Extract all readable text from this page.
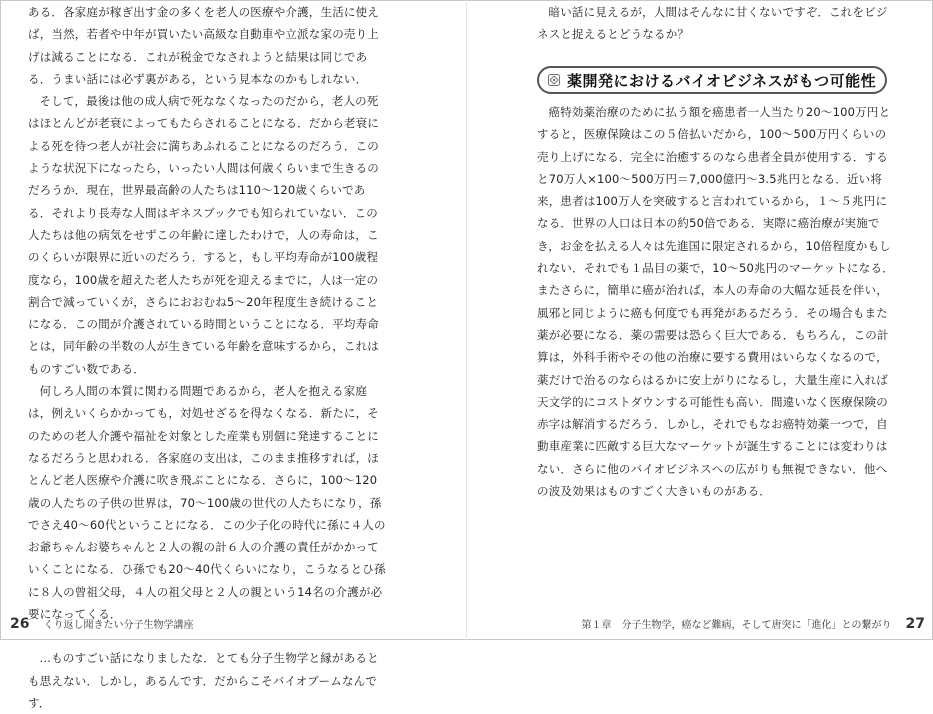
ある．各家庭が稼ぎ出す金の多くを老人の医療や介護，生活に使えば，当然，若者や中年が買いたい高級な自動車や立派な家の売り上げは減ることになる．これが税金でなされようと結果は同じである．うまい話には必ず裏がある，という見本なのかもしれない．

そして，最後は他の成人病で死ななくなったのだから，老人の死はほとんどが老衰によってもたらされることになる．だから老衰による死を待つ老人が社会に満ちあふれることになるのだろう．このような状況下になったら，いったい人間は何歳くらいまで生きるのだろうか．現在，世界最高齢の人たちは110〜120歳くらいである．それより長寿な人間はギネスブックでも知られていない．この人たちは他の病気をせずこの年齢に達したわけで，人の寿命は，このくらいが限界に近いのだろう．すると，もし平均寿命が100歳程度なら，100歳を超えた老人たちが死を迎えるまでに，人は一定の割合で減っていくが，さらにおおむね5〜20年程度生き続けることになる．この間が介護されている時間ということになる．平均寿命とは，同年齢の半数の人が生きている年齢を意味するから，これはものすごい数である．

何しろ人間の本質に関わる問題であるから，老人を抱える家庭は，例えいくらかかっても，対処せざるを得なくなる．新たに，そのための老人介護や福祉を対象とした産業も別個に発達することになるだろうと思われる．各家庭の支出は，このまま推移すれば，ほとんど老人医療や介護に吹き飛ぶことになる．さらに，100〜120歳の人たちの子供の世界は，70〜100歳の世代の人たちになり，孫でさえ40〜60代ということになる．この少子化の時代に孫に４人のお爺ちゃんお婆ちゃんと２人の親の計６人の介護の責任がかかっていくことになる．ひ孫でも20〜40代くらいになり，こうなるとひ孫に８人の曾祖父母，４人の祖父母と２人の親という14名の介護が必要になってくる．

…ものすごい話になりましたな．とても分子生物学と縁があるとも思えない．しかし，あるんです．だからこそバイオブームなんです．

26 くり返し聞きたい分子生物学講座

暗い話に見えるが，人間はそんなに甘くないですぞ．これをビジネスと捉えるとどうなるか？

薬開発におけるバイオビジネスがもつ可能性

癌特効薬治療のために払う額を癌患者一人当たり20〜100万円とすると，医療保険はこの５倍払いだから，100〜500万円くらいの売り上げになる．完全に治癒するのなら患者全員が使用する．すると70万人×100〜500万円＝7,000億円〜3.5兆円となる．近い将来，患者は100万人を突破すると言われているから，１〜５兆円になる．世界の人口は日本の約50倍である．実際に癌治療が実施でき，お金を払える人々は先進国に限定されるから，10倍程度かもしれない．それでも１品目の薬で，10〜50兆円のマーケットになる．またさらに，簡単に癌が治れば，本人の寿命の大幅な延長を伴い，風邪と同じように癌も何度でも再発があるだろう．その場合もまた薬が必要になる．薬の需要は恐らく巨大である．もちろん，この計算は，外科手術やその他の治療に要する費用はいらなくなるので，薬だけで治るのならはるかに安上がりになるし，大量生産に入れば天文学的にコストダウンする可能性も高い．間違いなく医療保険の赤字は解消するだろう．しかし，それでもなお癌特効薬一つで，自動車産業に匹敵する巨大なマーケットが誕生することには変わりはない．さらに他のバイオビジネスへの広がりも無視できない．他への波及効果はものすごく大きいものがある．

第１章　分子生物学，癌など難病，そして唐突に「進化」との繋がり 27
